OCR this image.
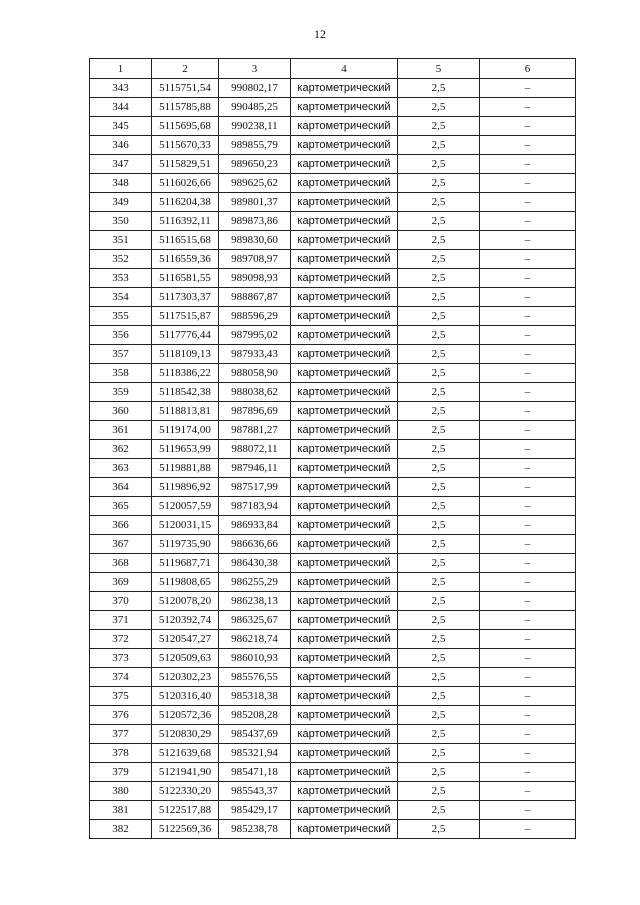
12
1	2	3	4	5	6
343	5115751,54	990802,17	картометрический	2,5	–
344	5115785,88	990485,25	картометрический	2,5	–
345	5115695,68	990238,11	картометрический	2,5	–
346	5115670,33	989855,79	картометрический	2,5	–
347	5115829,51	989650,23	картометрический	2,5	–
348	5116026,66	989625,62	картометрический	2,5	–
349	5116204,38	989801,37	картометрический	2,5	–
350	5116392,11	989873,86	картометрический	2,5	–
351	5116515,68	989830,60	картометрический	2,5	–
352	5116559,36	989708,97	картометрический	2,5	–
353	5116581,55	989098,93	картометрический	2,5	–
354	5117303,37	988867,87	картометрический	2,5	–
355	5117515,87	988596,29	картометрический	2,5	–
356	5117776,44	987995,02	картометрический	2,5	–
357	5118109,13	987933,43	картометрический	2,5	–
358	5118386,22	988058,90	картометрический	2,5	–
359	5118542,38	988038,62	картометрический	2,5	–
360	5118813,81	987896,69	картометрический	2,5	–
361	5119174,00	987881,27	картометрический	2,5	–
362	5119653,99	988072,11	картометрический	2,5	–
363	5119881,88	987946,11	картометрический	2,5	–
364	5119896,92	987517,99	картометрический	2,5	–
365	5120057,59	987183,94	картометрический	2,5	–
366	5120031,15	986933,84	картометрический	2,5	–
367	5119735,90	986636,66	картометрический	2,5	–
368	5119687,71	986430,38	картометрический	2,5	–
369	5119808,65	986255,29	картометрический	2,5	–
370	5120078,20	986238,13	картометрический	2,5	–
371	5120392,74	986325,67	картометрический	2,5	–
372	5120547,27	986218,74	картометрический	2,5	–
373	5120509,63	986010,93	картометрический	2,5	–
374	5120302,23	985576,55	картометрический	2,5	–
375	5120316,40	985318,38	картометрический	2,5	–
376	5120572,36	985208,28	картометрический	2,5	–
377	5120830,29	985437,69	картометрический	2,5	–
378	5121639,68	985321,94	картометрический	2,5	–
379	5121941,90	985471,18	картометрический	2,5	–
380	5122330,20	985543,37	картометрический	2,5	–
381	5122517,88	985429,17	картометрический	2,5	–
382	5122569,36	985238,78	картометрический	2,5	–
